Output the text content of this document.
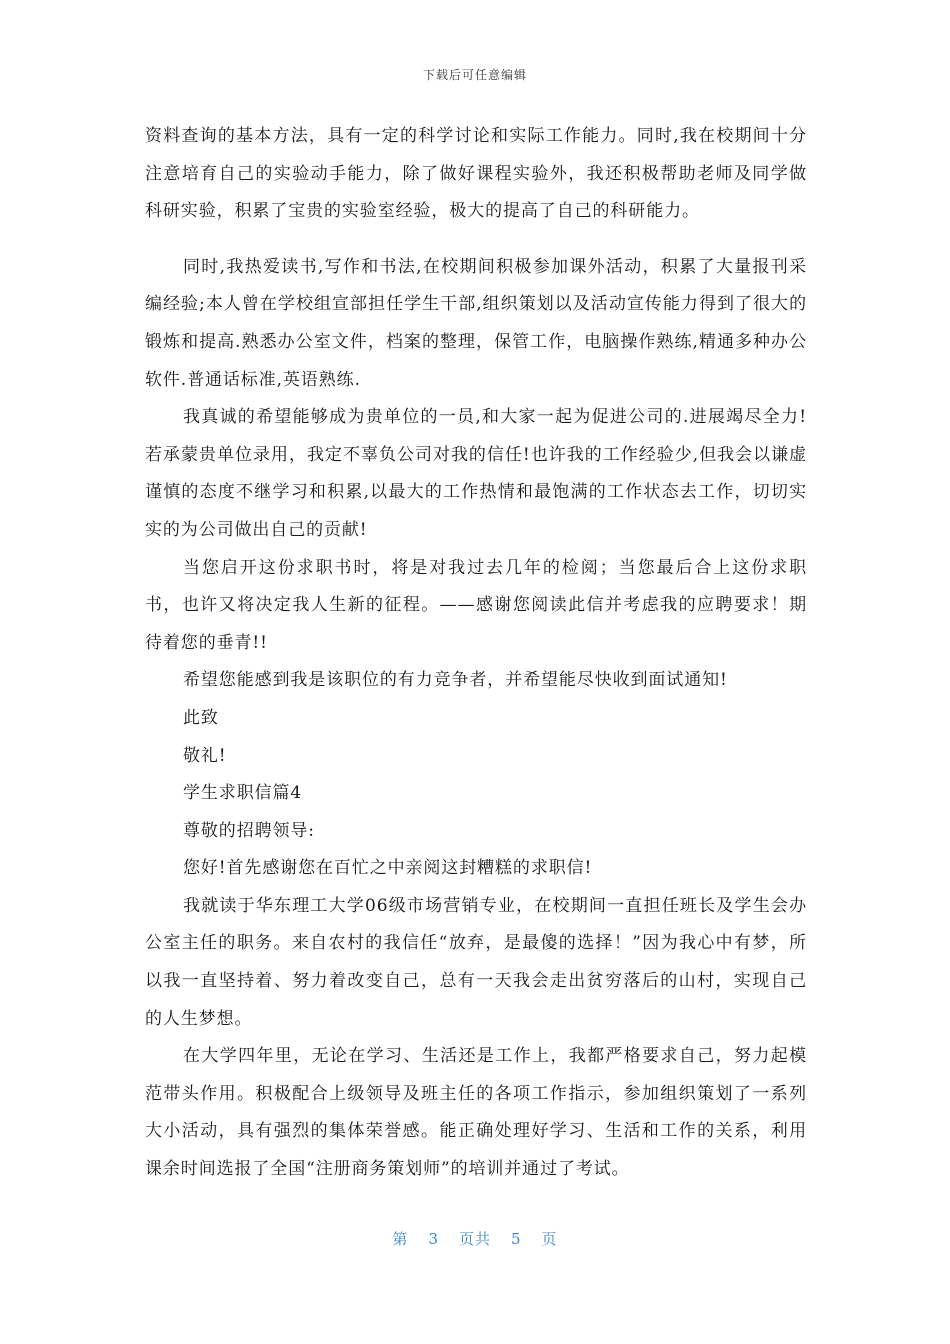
下载后可任意编辑

资料查询的基本方法，具有一定的科学讨论和实际工作能力。同时,我在校期间十分注意培育自己的实验动手能力，除了做好课程实验外，我还积极帮助老师及同学做科研实验，积累了宝贵的实验室经验，极大的提高了自己的科研能力。

同时,我热爱读书,写作和书法,在校期间积极参加课外活动，积累了大量报刊采编经验;本人曾在学校组宣部担任学生干部,组织策划以及活动宣传能力得到了很大的锻炼和提高.熟悉办公室文件，档案的整理，保管工作，电脑操作熟练,精通多种办公软件.普通话标准,英语熟练.

我真诚的希望能够成为贵单位的一员,和大家一起为促进公司的.进展竭尽全力!若承蒙贵单位录用，我定不辜负公司对我的信任!也许我的工作经验少,但我会以谦虚谨慎的态度不继学习和积累,以最大的工作热情和最饱满的工作状态去工作，切切实实的为公司做出自己的贡献!

当您启开这份求职书时，将是对我过去几年的检阅；当您最后合上这份求职书，也许又将决定我人生新的征程。——感谢您阅读此信并考虑我的应聘要求！期待着您的垂青!!

希望您能感到我是该职位的有力竞争者，并希望能尽快收到面试通知!

此致

敬礼!

学生求职信篇4

尊敬的招聘领导:

您好!首先感谢您在百忙之中亲阅这封糟糕的求职信!

我就读于华东理工大学06级市场营销专业，在校期间一直担任班长及学生会办公室主任的职务。来自农村的我信任“放弃，是最傻的选择！”因为我心中有梦，所以我一直坚持着、努力着改变自己，总有一天我会走出贫穷落后的山村，实现自己的人生梦想。

在大学四年里，无论在学习、生活还是工作上，我都严格要求自己，努力起模范带头作用。积极配合上级领导及班主任的各项工作指示，参加组织策划了一系列大小活动，具有强烈的集体荣誉感。能正确处理好学习、生活和工作的关系，利用课余时间选报了全国“注册商务策划师”的培训并通过了考试。

第 3 页共 5 页
